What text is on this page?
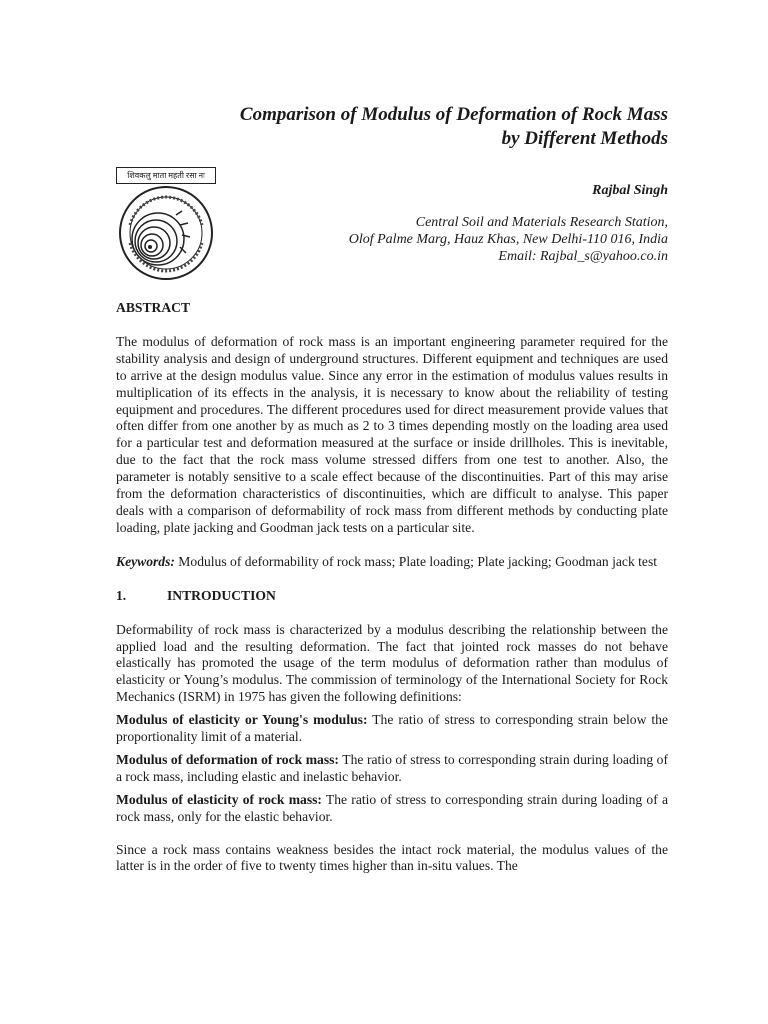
Comparison of Modulus of Deformation of Rock Mass
by Different Methods
शिवकलु माता महती रसा नः
Rajbal Singh
Central Soil and Materials Research Station,
Olof Palme Marg, Hauz Khas, New Delhi-110 016, India
Email: Rajbal_s@yahoo.co.in
ABSTRACT
The modulus of deformation of rock mass is an important engineering parameter required for the stability analysis and design of underground structures. Different equipment and techniques are used to arrive at the design modulus value. Since any error in the estimation of modulus values results in multiplication of its effects in the analysis, it is necessary to know about the reliability of testing equipment and procedures. The different procedures used for direct measurement provide values that often differ from one another by as much as 2 to 3 times depending mostly on the loading area used for a particular test and deformation measured at the surface or inside drillholes. This is inevitable, due to the fact that the rock mass volume stressed differs from one test to another. Also, the parameter is notably sensitive to a scale effect because of the discontinuities. Part of this may arise from the deformation characteristics of discontinuities, which are difficult to analyse. This paper deals with a comparison of deformability of rock mass from different methods by conducting plate loading, plate jacking and Goodman jack tests on a particular site.
Keywords: Modulus of deformability of rock mass; Plate loading; Plate jacking; Goodman jack test
1.	INTRODUCTION
Deformability of rock mass is characterized by a modulus describing the relationship between the applied load and the resulting deformation. The fact that jointed rock masses do not behave elastically has promoted the usage of the term modulus of deformation rather than modulus of elasticity or Young’s modulus. The commission of terminology of the International Society for Rock Mechanics (ISRM) in 1975 has given the following definitions:
Modulus of elasticity or Young's modulus: The ratio of stress to corresponding strain below the proportionality limit of a material.
Modulus of deformation of rock mass: The ratio of stress to corresponding strain during loading of a rock mass, including elastic and inelastic behavior.
Modulus of elasticity of rock mass: The ratio of stress to corresponding strain during loading of a rock mass, only for the elastic behavior.
Since a rock mass contains weakness besides the intact rock material, the modulus values of the latter is in the order of five to twenty times higher than in-situ values. The
